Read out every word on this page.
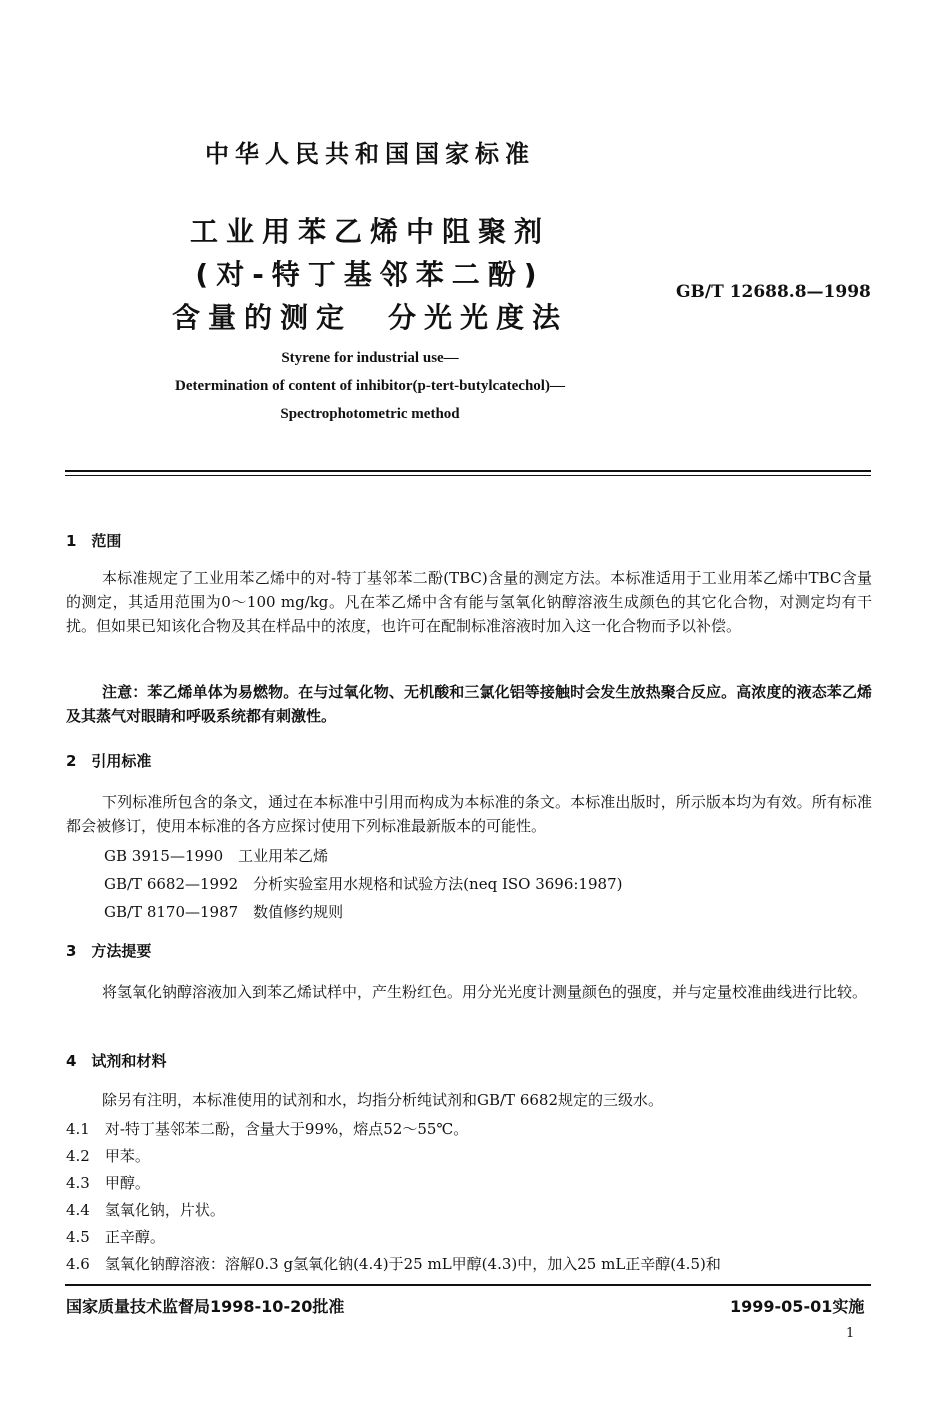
中华人民共和国国家标准
工业用苯乙烯中阻聚剂
(对-特丁基邻苯二酚)
含量的测定　分光光度法
GB/T 12688.8—1998
Styrene for industrial use—
Determination of content of inhibitor(p-tert-butylcatechol)—
Spectrophotometric method
1　范围
本标准规定了工业用苯乙烯中的对-特丁基邻苯二酚(TBC)含量的测定方法。本标准适用于工业用苯乙烯中TBC含量的测定，其适用范围为0～100 mg/kg。凡在苯乙烯中含有能与氢氧化钠醇溶液生成颜色的其它化合物，对测定均有干扰。但如果已知该化合物及其在样品中的浓度，也许可在配制标准溶液时加入这一化合物而予以补偿。
注意：苯乙烯单体为易燃物。在与过氧化物、无机酸和三氯化铝等接触时会发生放热聚合反应。高浓度的液态苯乙烯及其蒸气对眼睛和呼吸系统都有刺激性。
2　引用标准
下列标准所包含的条文，通过在本标准中引用而构成为本标准的条文。本标准出版时，所示版本均为有效。所有标准都会被修订，使用本标准的各方应探讨使用下列标准最新版本的可能性。
GB 3915—1990　工业用苯乙烯
GB/T 6682—1992　分析实验室用水规格和试验方法(neq ISO 3696:1987)
GB/T 8170—1987　数值修约规则
3　方法提要
将氢氧化钠醇溶液加入到苯乙烯试样中，产生粉红色。用分光光度计测量颜色的强度，并与定量校准曲线进行比较。
4　试剂和材料
除另有注明，本标准使用的试剂和水，均指分析纯试剂和GB/T 6682规定的三级水。
4.1　对-特丁基邻苯二酚，含量大于99%，熔点52～55℃。
4.2　甲苯。
4.3　甲醇。
4.4　氢氧化钠，片状。
4.5　正辛醇。
4.6　氢氧化钠醇溶液：溶解0.3 g氢氧化钠(4.4)于25 mL甲醇(4.3)中，加入25 mL正辛醇(4.5)和
国家质量技术监督局1998-10-20批准	1999-05-01实施
1
